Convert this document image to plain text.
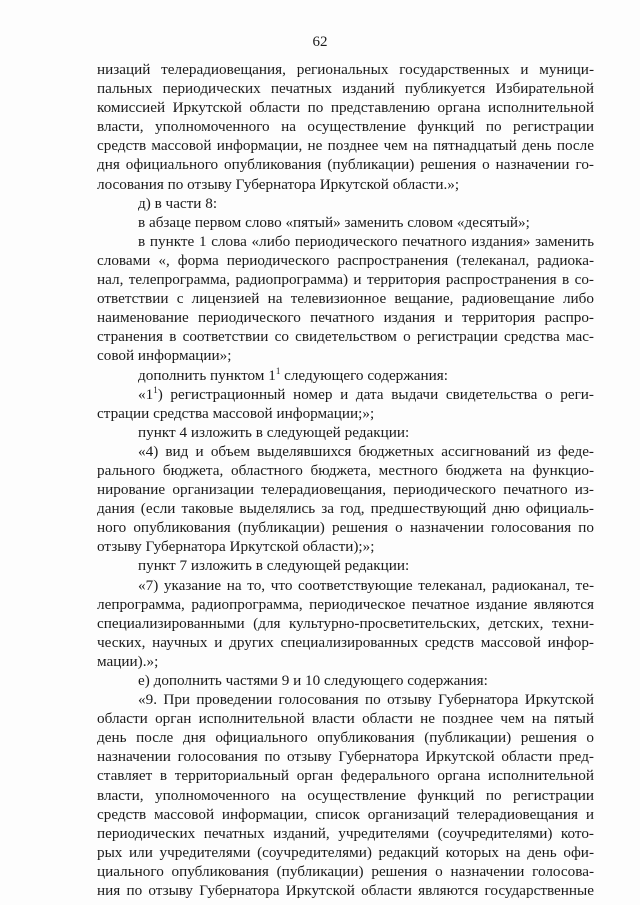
62
низаций телерадиовещания, региональных государственных и муници-
пальных периодических печатных изданий публикуется Избирательной
комиссией Иркутской области по представлению органа исполнительной
власти, уполномоченного на осуществление функций по регистрации
средств массовой информации, не позднее чем на пятнадцатый день после
дня официального опубликования (публикации) решения о назначении го-
лосования по отзыву Губернатора Иркутской области.»;
д) в части 8:
в абзаце первом слово «пятый» заменить словом «десятый»;
в пункте 1 слова «либо периодического печатного издания» заменить
словами «, форма периодического распространения (телеканал, радиока-
нал, телепрограмма, радиопрограмма) и территория распространения в со-
ответствии с лицензией на телевизионное вещание, радиовещание либо
наименование периодического печатного издания и территория распро-
странения в соответствии со свидетельством о регистрации средства мас-
совой информации»;
дополнить пунктом $1^1$ следующего содержания:
«$1^1$) регистрационный номер и дата выдачи свидетельства о реги-
страции средства массовой информации;»;
пункт 4 изложить в следующей редакции:
«4) вид и объем выделявшихся бюджетных ассигнований из феде-
рального бюджета, областного бюджета, местного бюджета на функцио-
нирование организации телерадиовещания, периодического печатного из-
дания (если таковые выделялись за год, предшествующий дню официаль-
ного опубликования (публикации) решения о назначении голосования по
отзыву Губернатора Иркутской области);»;
пункт 7 изложить в следующей редакции:
«7) указание на то, что соответствующие телеканал, радиоканал, те-
лепрограмма, радиопрограмма, периодическое печатное издание являются
специализированными (для культурно-просветительских, детских, техни-
ческих, научных и других специализированных средств массовой инфор-
мации).»;
е) дополнить частями 9 и 10 следующего содержания:
«9. При проведении голосования по отзыву Губернатора Иркутской
области орган исполнительной власти области не позднее чем на пятый
день после дня официального опубликования (публикации) решения о
назначении голосования по отзыву Губернатора Иркутской области пред-
ставляет в территориальный орган федерального органа исполнительной
власти, уполномоченного на осуществление функций по регистрации
средств массовой информации, список организаций телерадиовещания и
периодических печатных изданий, учредителями (соучредителями) кото-
рых или учредителями (соучредителями) редакций которых на день офи-
циального опубликования (публикации) решения о назначении голосова-
ния по отзыву Губернатора Иркутской области являются государственные
